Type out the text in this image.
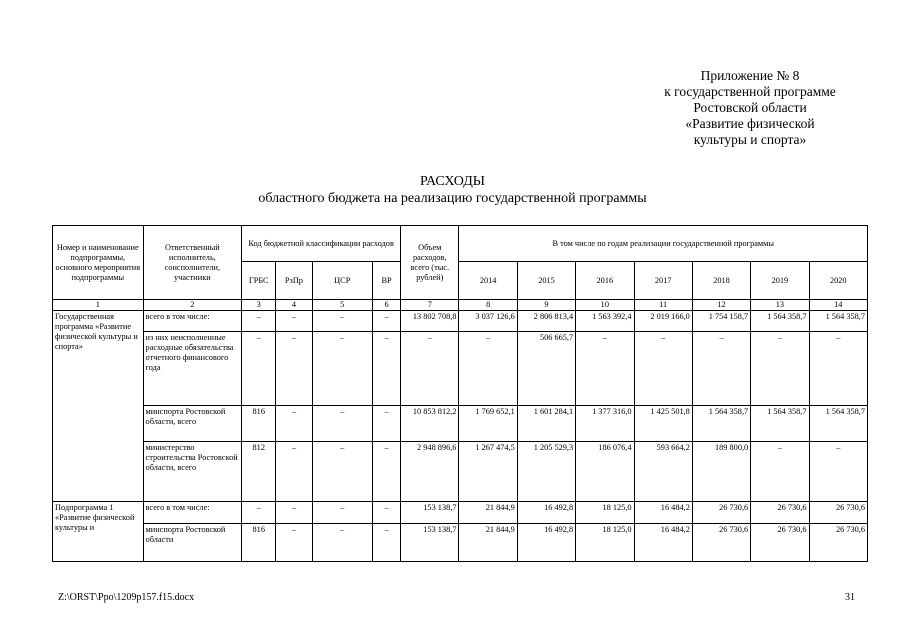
Приложение № 8
к государственной программе
Ростовской области
«Развитие физической
культуры и спорта»
РАСХОДЫ
областного бюджета на реализацию государственной программы
Номер и наименование подпрограммы, основного мероприятия подпрограммы	Ответственный исполнитель, соисполнители, участники	Код бюджетной классификации расходов				Объем расходов, всего (тыс. рублей)	В том числе по годам реализации государственной программы						
		ГРБС	РзПр	ЦСР	ВР		2014	2015	2016	2017	2018	2019	2020
1	2	3	4	5	6	7	8	9	10	11	12	13	14
Государственная программа «Развитие физической культуры и спорта»	всего в том числе:	–	–	–	–	13 802 708,8	3 037 126,6	2 806 813,4	1 563 392,4	2 019 166,0	1 754 158,7	1 564 358,7	1 564 358,7
	из них неисполненные расходные обязательства отчетного финансового года	–	–	–	–	–	–	506 665,7	–	–	–	–	–
	минспорта Ростовской области, всего	816	–	–	–	10 853 812,2	1 769 652,1	1 601 284,1	1 377 316,0	1 425 501,8	1 564 358,7	1 564 358,7	1 564 358,7
	министерство строительства Ростовской области, всего	812	–	–	–	2 948 896,6	1 267 474,5	1 205 529,3	186 076,4	593 664,2	189 800,0	–	–
Подпрограмма 1 «Развитие физической культуры и	всего в том числе:	–	–	–	–	153 138,7	21 844,9	16 492,8	18 125,0	16 484,2	26 730,6	26 730,6	26 730,6
	минспорта Ростовской области	816	–	–	–	153 138,7	21 844,9	16 492,8	18 125,0	16 484,2	26 730,6	26 730,6	26 730,6
Z:\ORST\Ppo\1209p157.f15.docx	31
